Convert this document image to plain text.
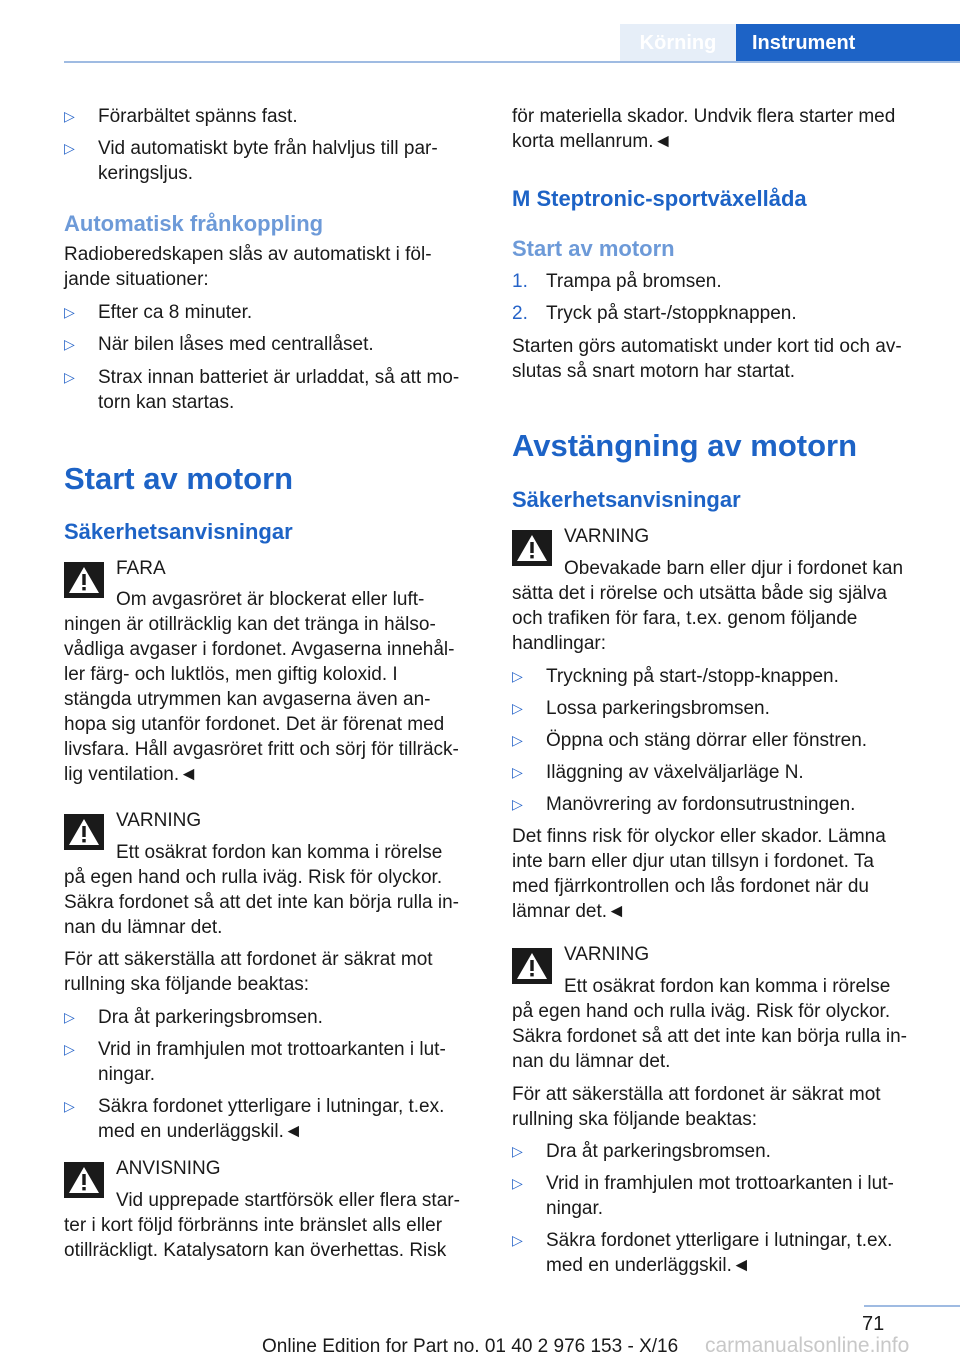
Körning	Instrument
▷ Förarbältet spänns fast.
▷ Vid automatiskt byte från halvljus till par-
keringsljus.
Automatisk frånkoppling
Radioberedskapen slås av automatiskt i föl-
jande situationer:
▷ Efter ca 8 minuter.
▷ När bilen låses med centrallåset.
▷ Strax innan batteriet är urladdat, så att mo-
torn kan startas.
Start av motorn
Säkerhetsanvisningar
FARA
Om avgasröret är blockerat eller luft-
ningen är otillräcklig kan det tränga in hälso-
vådliga avgaser i fordonet. Avgaserna innehål-
ler färg- och luktlös, men giftig koloxid. I
stängda utrymmen kan avgaserna även an-
hopa sig utanför fordonet. Det är förenat med
livsfara. Håll avgasröret fritt och sörj för tillräck-
lig ventilation.◄
VARNING
Ett osäkrat fordon kan komma i rörelse
på egen hand och rulla iväg. Risk för olyckor.
Säkra fordonet så att det inte kan börja rulla in-
nan du lämnar det.
För att säkerställa att fordonet är säkrat mot
rullning ska följande beaktas:
▷ Dra åt parkeringsbromsen.
▷ Vrid in framhjulen mot trottoarkanten i lut-
ningar.
▷ Säkra fordonet ytterligare i lutningar, t.ex.
med en underläggskil.◄
ANVISNING
Vid upprepade startförsök eller flera star-
ter i kort följd förbränns inte bränslet alls eller
otillräckligt. Katalysatorn kan överhettas. Risk
för materiella skador. Undvik flera starter med
korta mellanrum.◄
M Steptronic-sportväxellåda
Start av motorn
1. Trampa på bromsen.
2. Tryck på start-/stoppknappen.
Starten görs automatiskt under kort tid och av-
slutas så snart motorn har startat.
Avstängning av motorn
Säkerhetsanvisningar
VARNING
Obevakade barn eller djur i fordonet kan
sätta det i rörelse och utsätta både sig själva
och trafiken för fara, t.ex. genom följande
handlingar:
▷ Tryckning på start-/stopp-knappen.
▷ Lossa parkeringsbromsen.
▷ Öppna och stäng dörrar eller fönstren.
▷ Iläggning av växelväljarläge N.
▷ Manövrering av fordonsutrustningen.
Det finns risk för olyckor eller skador. Lämna
inte barn eller djur utan tillsyn i fordonet. Ta
med fjärrkontrollen och lås fordonet när du
lämnar det.◄
VARNING
Ett osäkrat fordon kan komma i rörelse
på egen hand och rulla iväg. Risk för olyckor.
Säkra fordonet så att det inte kan börja rulla in-
nan du lämnar det.
För att säkerställa att fordonet är säkrat mot
rullning ska följande beaktas:
▷ Dra åt parkeringsbromsen.
▷ Vrid in framhjulen mot trottoarkanten i lut-
ningar.
▷ Säkra fordonet ytterligare i lutningar, t.ex.
med en underläggskil.◄
71
Online Edition for Part no. 01 40 2 976 153 - X/16 carmanualsonline.info
